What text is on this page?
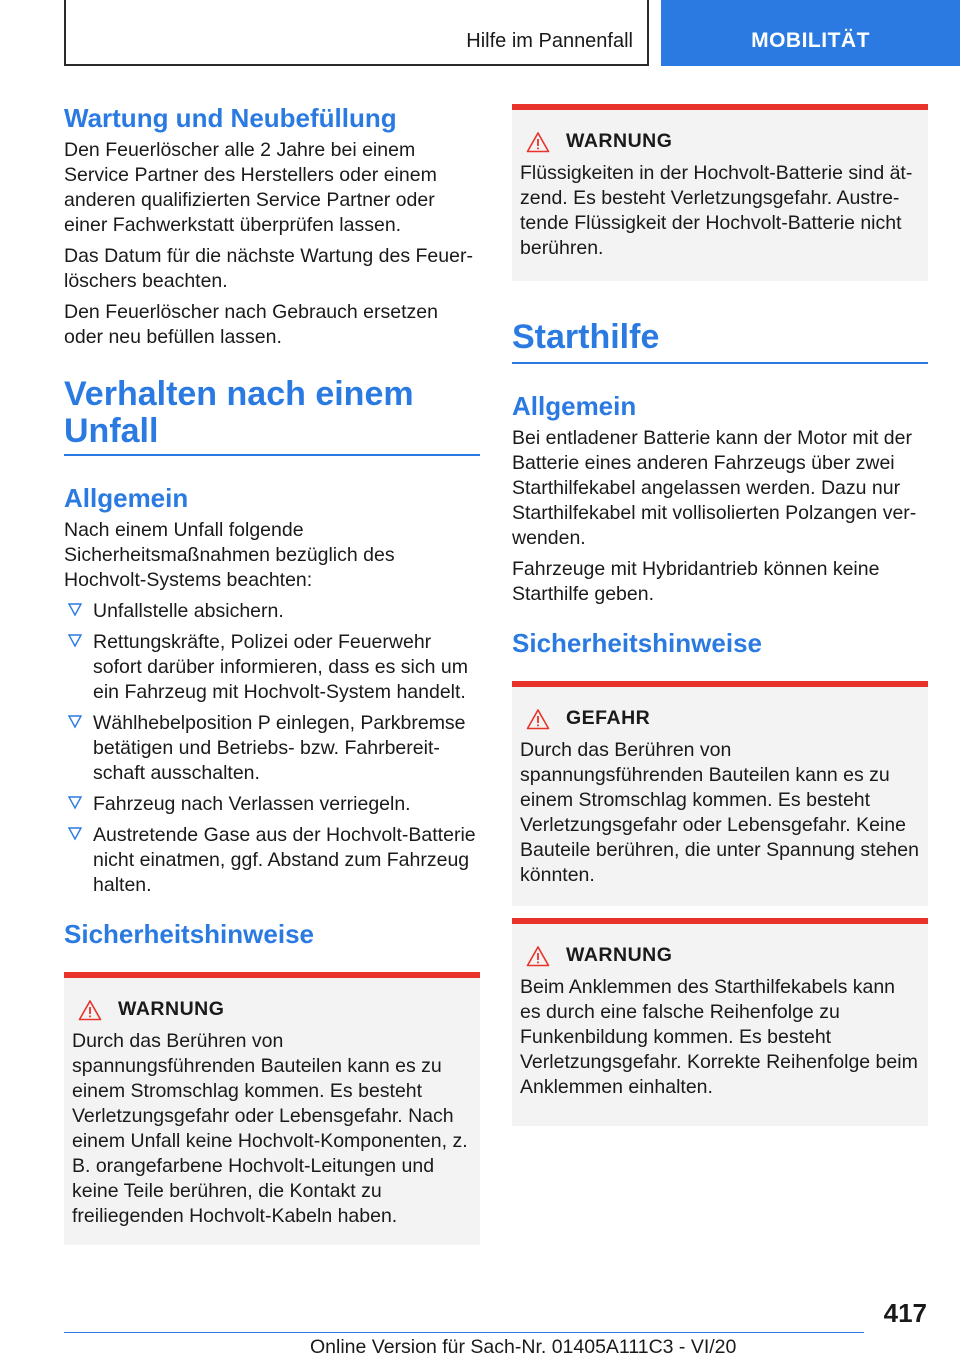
Hilfe im Pannenfall	MOBILITÄT
Wartung und Neubefüllung

Den Feuerlöscher alle 2 Jahre bei einem Service Partner des Herstellers oder einem anderen qualifizierten Service Partner oder einer Fachwerkstatt überprüfen lassen.

Das Datum für die nächste Wartung des Feuerlöschers beachten.

Den Feuerlöscher nach Gebrauch ersetzen oder neu befüllen lassen.

Verhalten nach einem
Unfall
Allgemein

Nach einem Unfall folgende Sicherheitsmaßnahmen bezüglich des Hochvolt-Systems beachten:

Unfallstelle absichern.
Rettungskräfte, Polizei oder Feuerwehr sofort darüber informieren, dass es sich um ein Fahrzeug mit Hochvolt-System handelt.
Wählhebelposition P einlegen, Parkbremse betätigen und Betriebs- bzw. Fahrbereitschaft ausschalten.
Fahrzeug nach Verlassen verriegeln.
Austretende Gase aus der Hochvolt-Batterie nicht einatmen, ggf. Abstand zum Fahrzeug halten.
Sicherheitshinweise
WARNUNG
Durch das Berühren von spannungsführenden Bauteilen kann es zu einem Stromschlag kommen. Es besteht Verletzungsgefahr oder Lebensgefahr. Nach einem Unfall keine Hochvolt-Komponenten, z. B. orangefarbene Hochvolt-Leitungen und keine Teile berühren, die Kontakt zu freiliegenden Hochvolt-Kabeln haben.
WARNUNG
Flüssigkeiten in der Hochvolt-Batterie sind ätzend. Es besteht Verletzungsgefahr. Austretende Flüssigkeit der Hochvolt-Batterie nicht berühren.
Starthilfe
Allgemein

Bei entladener Batterie kann der Motor mit der Batterie eines anderen Fahrzeugs über zwei Starthilfekabel angelassen werden. Dazu nur Starthilfekabel mit vollisolierten Polzangen verwenden.

Fahrzeuge mit Hybridantrieb können keine Starthilfe geben.

Sicherheitshinweise
GEFAHR
Durch das Berühren von spannungsführenden Bauteilen kann es zu einem Stromschlag kommen. Es besteht Verletzungsgefahr oder Lebensgefahr. Keine Bauteile berühren, die unter Spannung stehen könnten.
WARNUNG
Beim Anklemmen des Starthilfekabels kann es durch eine falsche Reihenfolge zu Funkenbildung kommen. Es besteht Verletzungsgefahr. Korrekte Reihenfolge beim Anklemmen einhalten.
417
Online Version für Sach-Nr. 01405A111C3 - VI/20
